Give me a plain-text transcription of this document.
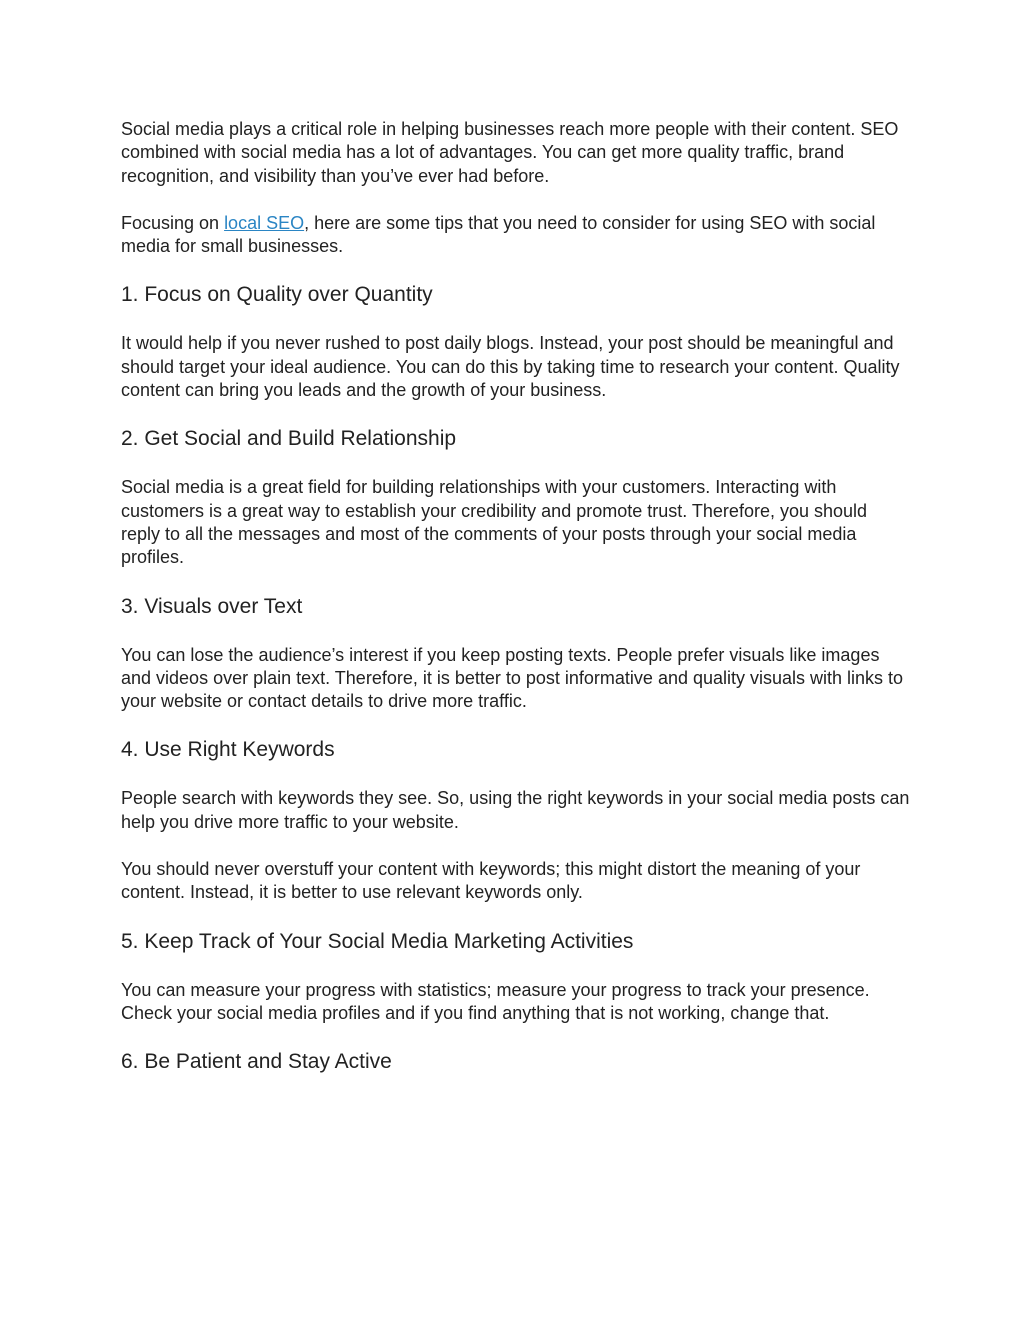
Social media plays a critical role in helping businesses reach more people with their content. SEO combined with social media has a lot of advantages. You can get more quality traffic, brand recognition, and visibility than you’ve ever had before.

Focusing on local SEO, here are some tips that you need to consider for using SEO with social media for small businesses.

1. Focus on Quality over Quantity

It would help if you never rushed to post daily blogs. Instead, your post should be meaningful and should target your ideal audience. You can do this by taking time to research your content. Quality content can bring you leads and the growth of your business.

2. Get Social and Build Relationship

Social media is a great field for building relationships with your customers. Interacting with customers is a great way to establish your credibility and promote trust. Therefore, you should reply to all the messages and most of the comments of your posts through your social media profiles.

3. Visuals over Text

You can lose the audience’s interest if you keep posting texts. People prefer visuals like images and videos over plain text. Therefore, it is better to post informative and quality visuals with links to your website or contact details to drive more traffic.

4. Use Right Keywords

People search with keywords they see. So, using the right keywords in your social media posts can help you drive more traffic to your website.

You should never overstuff your content with keywords; this might distort the meaning of your content. Instead, it is better to use relevant keywords only.

5. Keep Track of Your Social Media Marketing Activities

You can measure your progress with statistics; measure your progress to track your presence. Check your social media profiles and if you find anything that is not working, change that.

6. Be Patient and Stay Active
